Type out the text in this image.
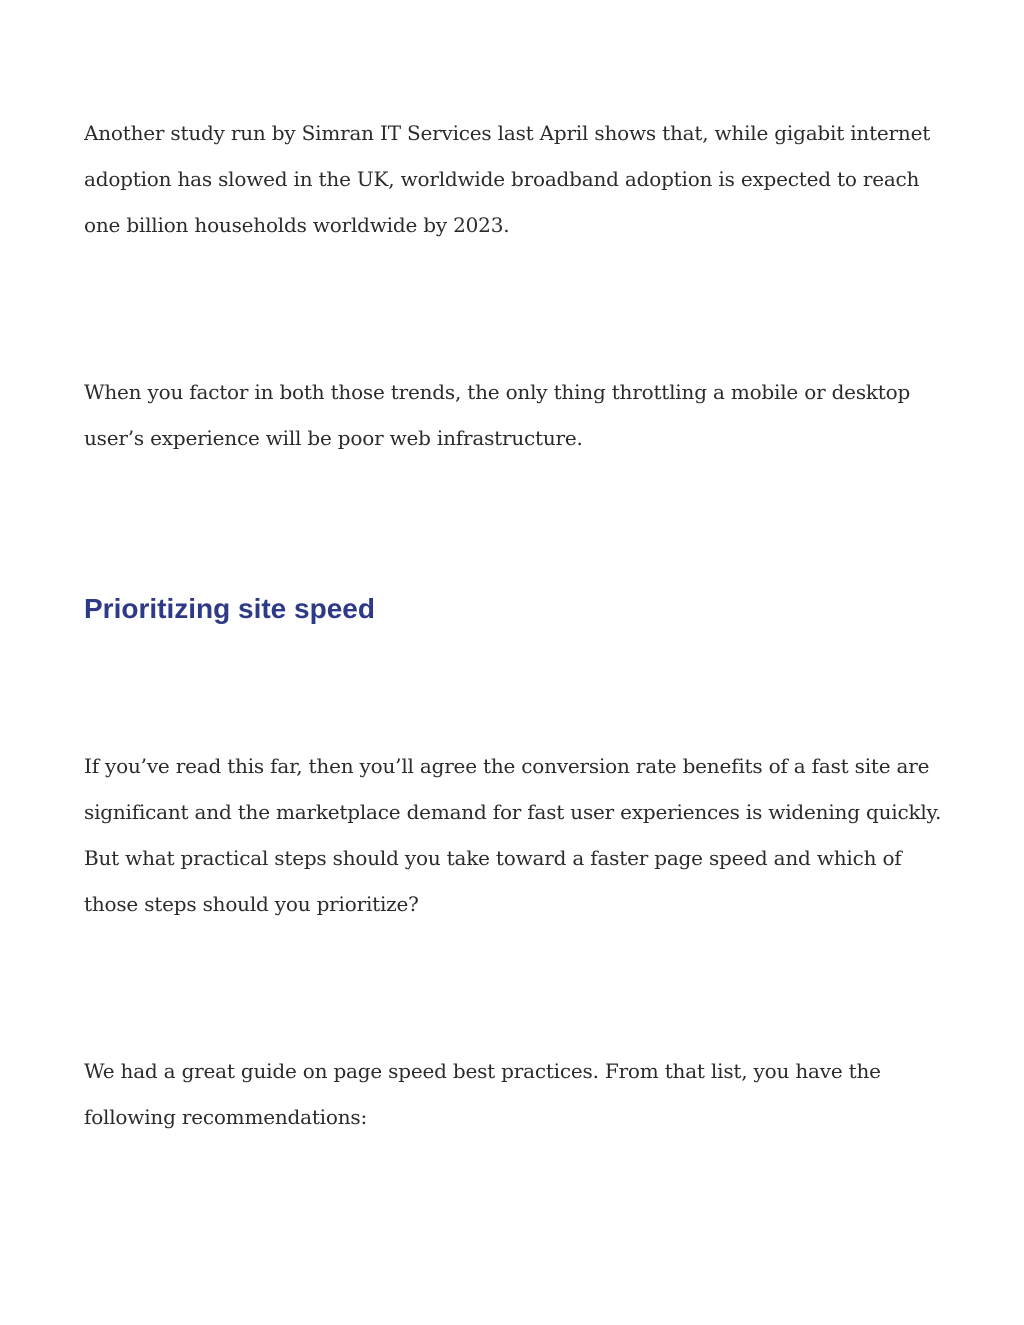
Another study run by Simran IT Services last April shows that, while gigabit internet adoption has slowed in the UK, worldwide broadband adoption is expected to reach one billion households worldwide by 2023.

When you factor in both those trends, the only thing throttling a mobile or desktop user’s experience will be poor web infrastructure.

Prioritizing site speed

If you’ve read this far, then you’ll agree the conversion rate benefits of a fast site are significant and the marketplace demand for fast user experiences is widening quickly. But what practical steps should you take toward a faster page speed and which of those steps should you prioritize?

We had a great guide on page speed best practices. From that list, you have the following recommendations:
